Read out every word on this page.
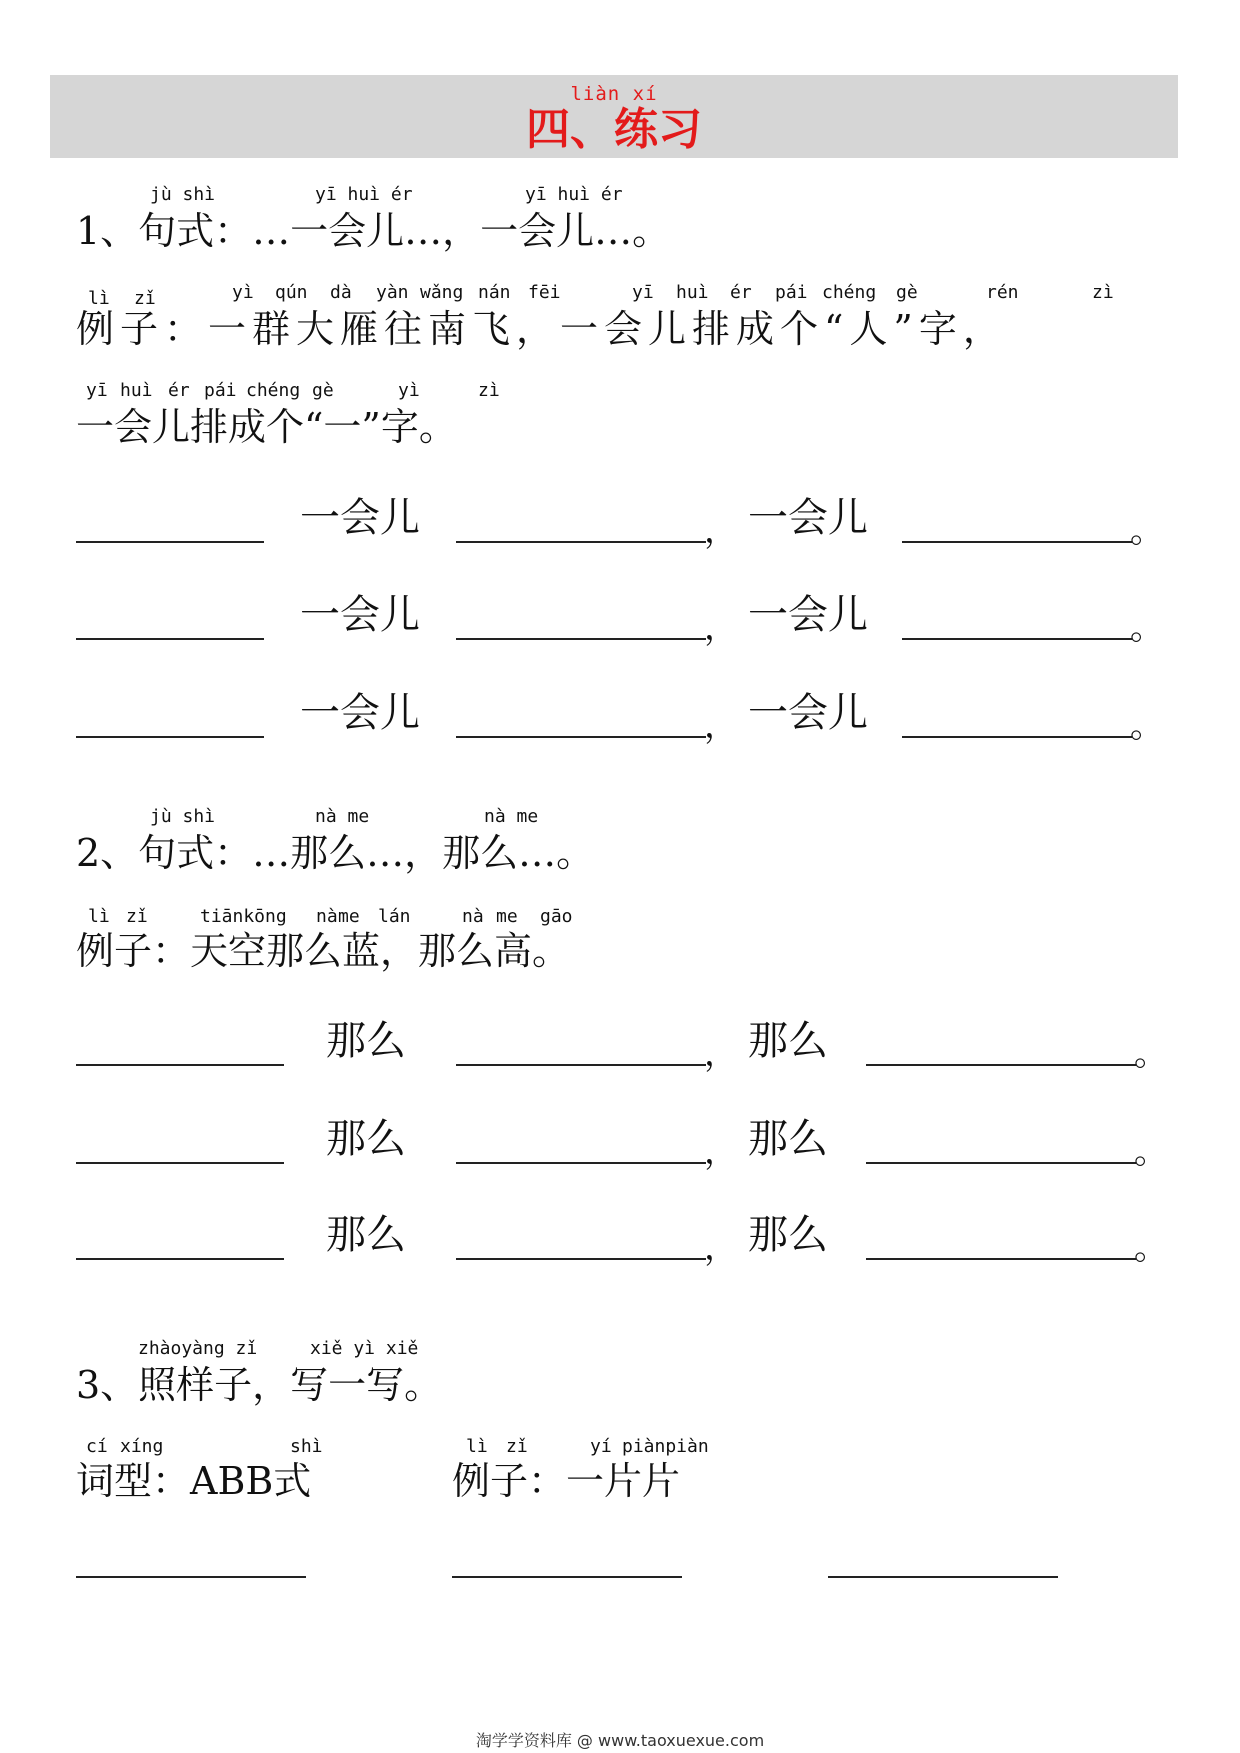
liàn xí
四、练习
jù shì	yī huì ér	yī huì ér
1、句式：…一会儿…，一会儿…。
lì zǐ	yì qún dà yàn wǎng nán fēi	yī huì ér pái chéng gè	rén	zì
例子：一群大雁往南飞，一会儿排成个“人”字，
yī huì ér pái chéng gè	yì	zì
一会儿排成个“一”字。
一会儿	， 一会儿	。
一会儿	， 一会儿	。
一会儿	， 一会儿	。
jù shì	nà me	nà me
2、句式：…那么…，那么…。
lì zǐ	tiānkōng nà me lán	nà me gāo
例子：天空那么蓝，那么高。
那么	， 那么	。
那么	， 那么	。
那么	， 那么	。
zhàoyàng zǐ	xiě yì xiě
3、照样子，写一写。
cí xíng	shì
词型：ABB式
lì zǐ	yí piànpiàn
例子：一片片
淘学学资料库 @ www.taoxuexue.com
